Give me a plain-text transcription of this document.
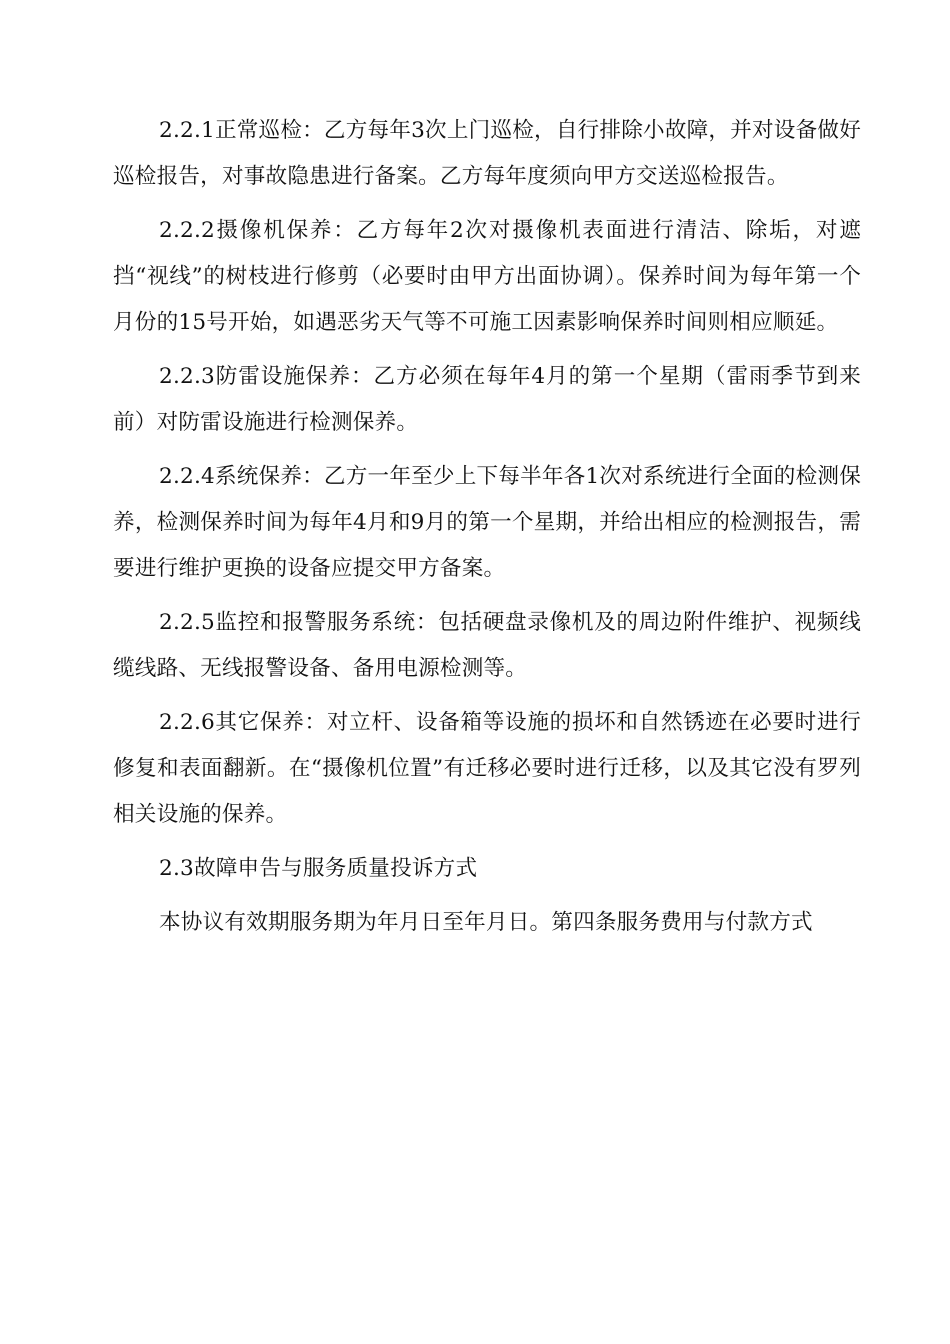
2.2.1正常巡检：乙方每年3次上门巡检，自行排除小故障，并对设备做好巡检报告，对事故隐患进行备案。乙方每年度须向甲方交送巡检报告。

2.2.2摄像机保养：乙方每年2次对摄像机表面进行清洁、除垢，对遮挡“视线”的树枝进行修剪（必要时由甲方出面协调）。保养时间为每年第一个月份的15号开始，如遇恶劣天气等不可施工因素影响保养时间则相应顺延。

2.2.3防雷设施保养：乙方必须在每年4月的第一个星期（雷雨季节到来前）对防雷设施进行检测保养。

2.2.4系统保养：乙方一年至少上下每半年各1次对系统进行全面的检测保养，检测保养时间为每年4月和9月的第一个星期，并给出相应的检测报告，需要进行维护更换的设备应提交甲方备案。

2.2.5监控和报警服务系统：包括硬盘录像机及的周边附件维护、视频线缆线路、无线报警设备、备用电源检测等。

2.2.6其它保养：对立杆、设备箱等设施的损坏和自然锈迹在必要时进行修复和表面翻新。在“摄像机位置”有迁移必要时进行迁移，以及其它没有罗列相关设施的保养。

2.3故障申告与服务质量投诉方式

本协议有效期服务期为年月日至年月日。第四条服务费用与付款方式
